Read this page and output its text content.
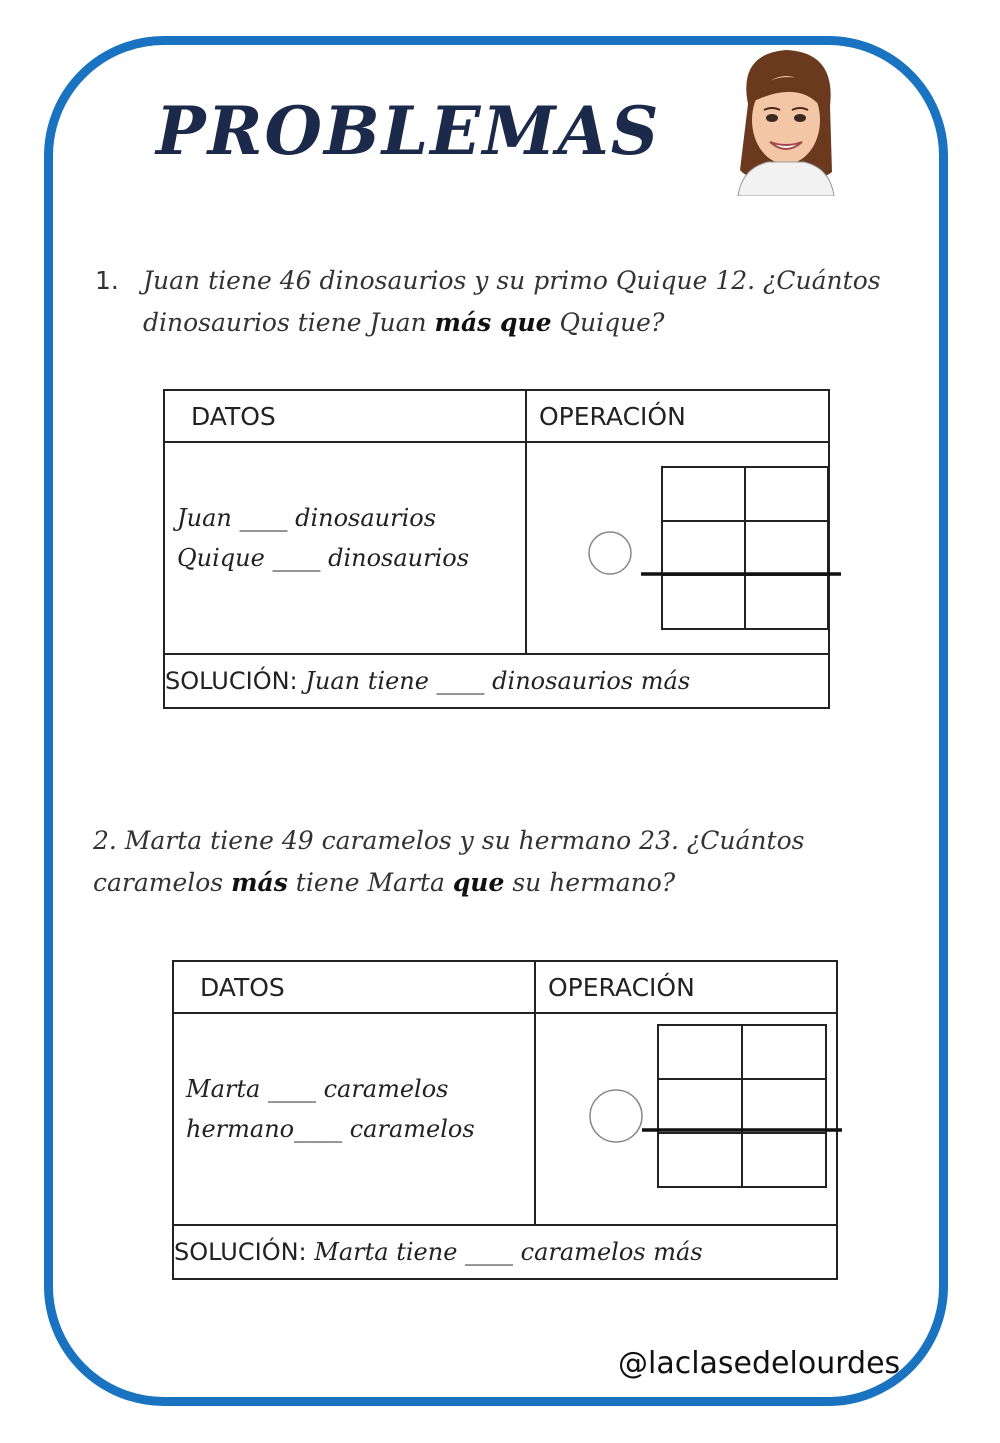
PROBLEMAS
1. Juan tiene 46 dinosaurios y su primo Quique 12. ¿Cuántos
dinosaurios tiene Juan más que Quique?
DATOS	OPERACIÓN

Juan ____ dinosaurios
Quique ____ dinosaurios

SOLUCIÓN: Juan tiene ____ dinosaurios más	
2. Marta tiene 49 caramelos y su hermano 23. ¿Cuántos
caramelos más tiene Marta que su hermano?
DATOS	OPERACIÓN

Marta ____ caramelos
hermano____ caramelos

SOLUCIÓN: Marta tiene ____ caramelos más	
@laclasedelourdes
